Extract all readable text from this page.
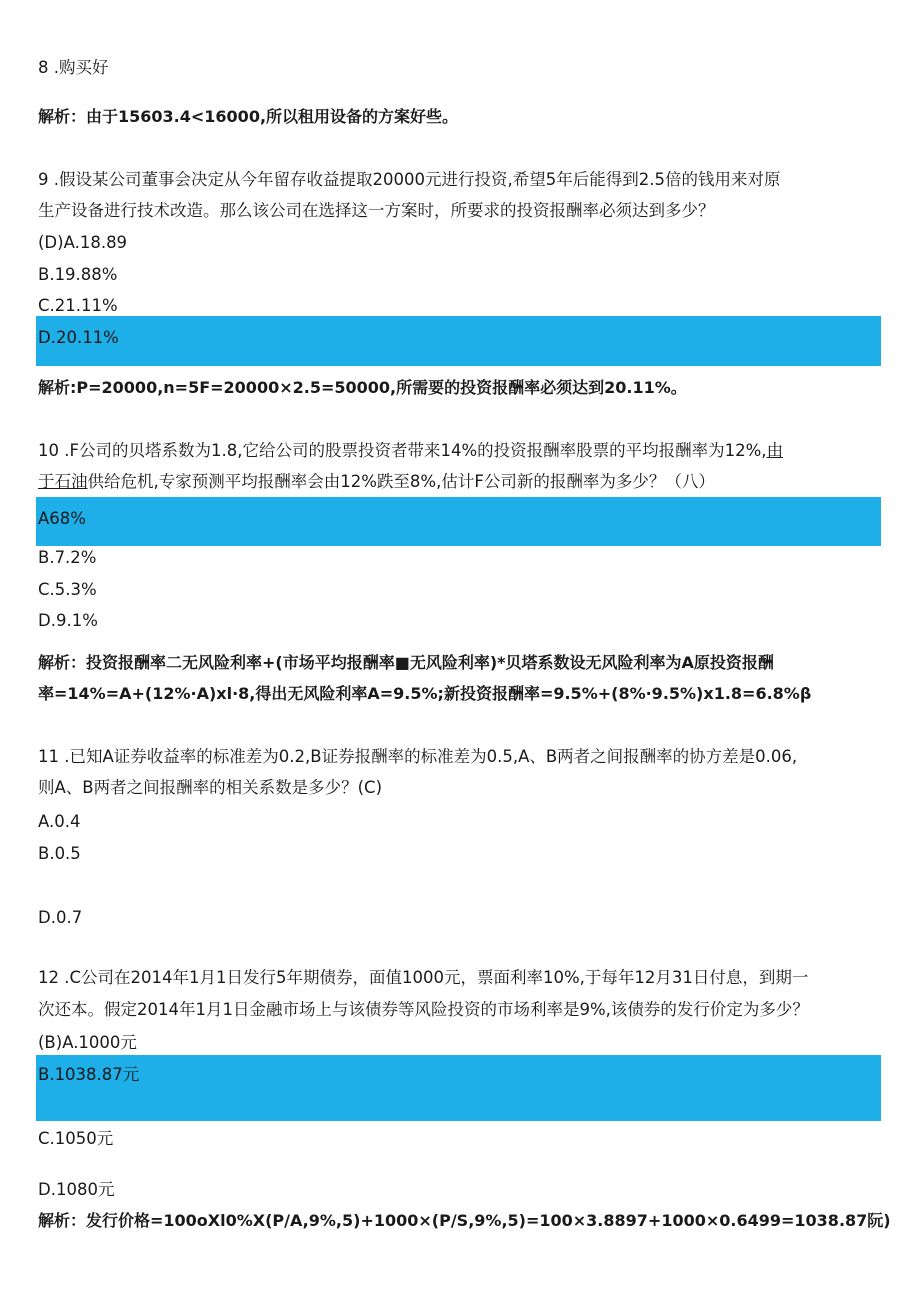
8 .购买好
解析：由于15603.4<16000,所以租用设备的方案好些。
9 .假设某公司董事会决定从今年留存收益提取20000元进行投资,希望5年后能得到2.5倍的钱用来对原
生产设备进行技术改造。那么该公司在选择这一方案时，所要求的投资报酬率必须达到多少？
(D)A.18.89
B.19.88%
C.21.11%
D.20.11%
解析:P=20000,n=5F=20000×2.5=50000,所需要的投资报酬率必须达到20.11%。
10 .F公司的贝塔系数为1.8,它给公司的股票投资者带来14%的投资报酬率股票的平均报酬率为12%,由
于石油供给危机,专家预测平均报酬率会由12%跌至8%,估计F公司新的报酬率为多少？（八）
A68%
B.7.2%
C.5.3%
D.9.1%
解析：投资报酬率二无风险利率+(市场平均报酬率■无风险利率)*贝塔系数设无风险利率为A原投资报酬
率=14%=A+(12%·A)xl·8,得出无风险利率A=9.5%;新投资报酬率=9.5%+(8%·9.5%)x1.8=6.8%β
11 .已知A证券收益率的标准差为0.2,B证券报酬率的标准差为0.5,A、B两者之间报酬率的协方差是0.06,
则A、B两者之间报酬率的相关系数是多少？(C)
A.0.4
B.0.5
D.0.7
12 .C公司在2014年1月1日发行5年期债券，面值1000元，票面利率10%,于每年12月31日付息，到期一
次还本。假定2014年1月1日金融市场上与该债券等风险投资的市场利率是9%,该债券的发行价定为多少？
(B)A.1000元
B.1038.87元
C.1050元
D.1080元
解析：发行价格=100oXl0%X(P/A,9%,5)+1000×(P/S,9%,5)=100×3.8897+1000×0.6499=1038.87阮)
